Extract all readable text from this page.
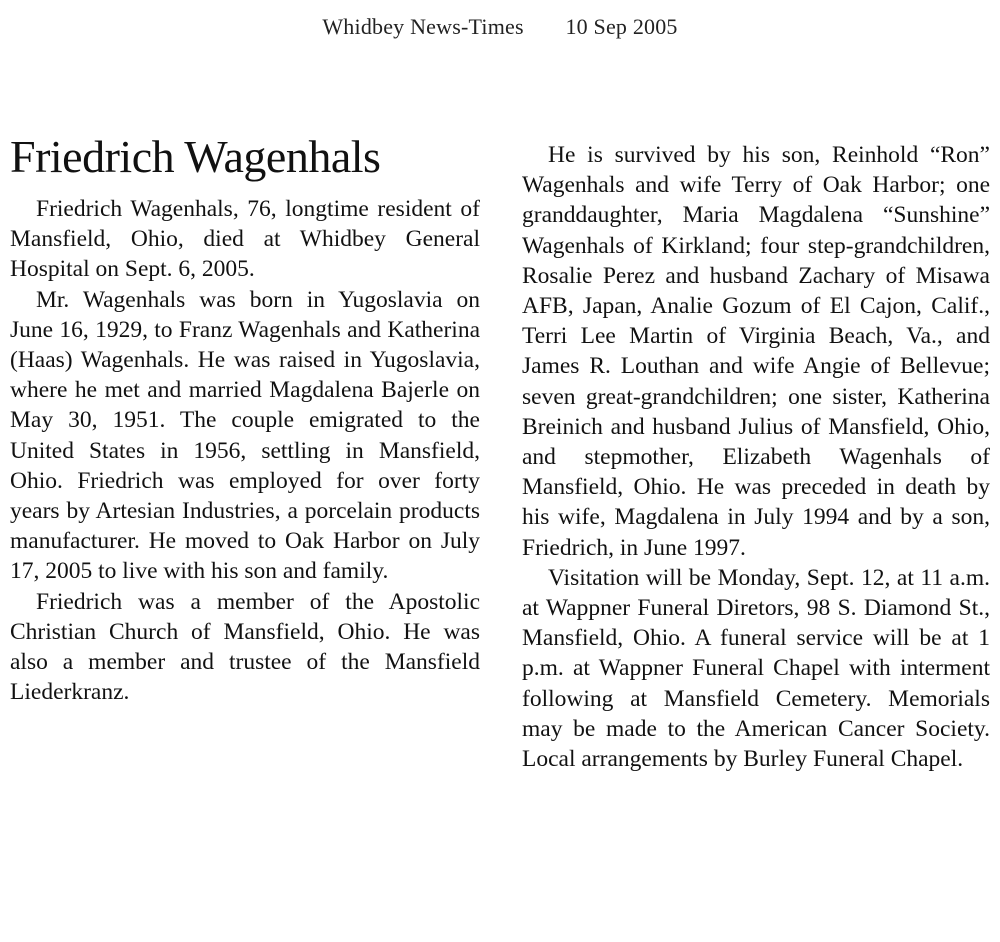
Whidbey News-Times 10 Sep 2005
Friedrich Wagenhals

Friedrich Wagenhals, 76, longtime resident of Mansfield, Ohio, died at Whidbey General Hospital on Sept. 6, 2005.

Mr. Wagenhals was born in Yugoslavia on June 16, 1929, to Franz Wagenhals and Katherina (Haas) Wagenhals. He was raised in Yugoslavia, where he met and married Magdalena Bajerle on May 30, 1951. The couple emigrated to the United States in 1956, settling in Mansfield, Ohio. Friedrich was employed for over forty years by Artesian Industries, a porcelain products manufacturer. He moved to Oak Harbor on July 17, 2005 to live with his son and family.

Friedrich was a member of the Apostolic Christian Church of Mansfield, Ohio. He was also a member and trustee of the Mansfield Liederkranz.

He is survived by his son, Reinhold “Ron” Wagenhals and wife Terry of Oak Harbor; one granddaughter, Maria Magdalena “Sunshine” Wagenhals of Kirkland; four step-grandchildren, Rosalie Perez and husband Zachary of Misawa AFB, Japan, Analie Gozum of El Cajon, Calif., Terri Lee Martin of Virginia Beach, Va., and James R. Louthan and wife Angie of Bellevue; seven great-grandchildren; one sister, Katherina Breinich and husband Julius of Mansfield, Ohio, and stepmother, Elizabeth Wagenhals of Mansfield, Ohio. He was preceded in death by his wife, Magdalena in July 1994 and by a son, Friedrich, in June 1997.

Visitation will be Monday, Sept. 12, at 11 a.m. at Wappner Funeral Diretors, 98 S. Diamond St., Mansfield, Ohio. A funeral service will be at 1 p.m. at Wappner Funeral Chapel with interment following at Mansfield Cemetery. Memorials may be made to the American Cancer Society. Local arrangements by Burley Funeral Chapel.
